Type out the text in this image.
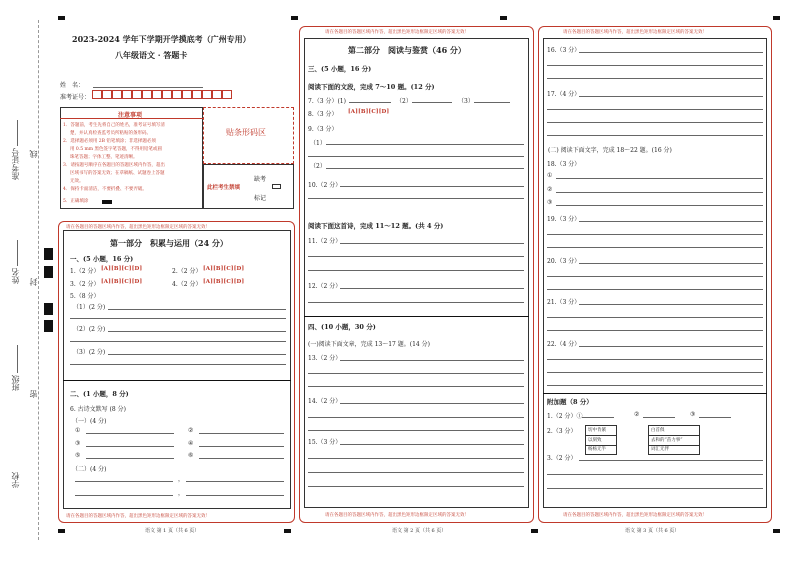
准考证号 线
姓名 封
班级
密
学校
2023-2024 学年下学期开学摸底考（广州专用）
八年级语文 · 答题卡
姓　名：
准考证号：
注意事项
1．答题前，考生先将自己的姓名，准考证号填写清
楚，并认真检查监考员所粘贴的条形码。
2．选择题必须用 2B 铅笔填涂；非选择题必须
用 0.5 mm 黑色签字笔答题，不得用铅笔或圆
珠笔答题；字体工整、笔迹清晰。
3．请按题号顺序在各题目的答题区域内作答，超出
区域书写的答案无效；在草稿纸、试题卷上答题
无效。
4．保持卡面清洁，不要折叠、不要弄破。
5．正确填涂
贴条形码区
此栏考生禁填
缺考
标记
请在各题目的答题区域内作答，超出黑色矩形边框限定区域的答案无效！
请在各题目的答题区域内作答，超出黑色矩形边框限定区域的答案无效！
第一部分　积累与运用（24 分）
一、(5 小题，16 分)
1.（2 分） [A][B][C][D]	2.（2 分） [A][B][C][D]
3.（2 分） [A][B][C][D]	4.（2 分） [A][B][C][D]
5.（8 分）
（1）(2 分)
（2）(2 分)
（3）(2 分)
二、(1 小题，8 分)
6. 古诗文默写 (8 分)
（一）(4 分)
①	②
③	④
⑤	⑥
（二）(4 分)
，
，
语文 第 1 页（共 6 页）
请在各题目的答题区域内作答，超出黑色矩形边框限定区域的答案无效！
请在各题目的答题区域内作答，超出黑色矩形边框限定区域的答案无效！
第二部分　阅读与鉴赏（46 分）
三、(5 小题，16 分)
阅读下面的文段，完成 7～10 题。(12 分)
7.（3 分）(1)	（2）	（3）
8.（3 分） [A][B][C][D]
9.（3 分）
（1）
（2）
10.（2 分）
阅读下面这首诗，完成 11～12 题。(共 4 分)
11.（2 分）
12.（2 分）
四、(10 小题，30 分)
(一)阅读下面文章，完成 13～17 题。(14 分)
13.（2 分）
14.（2 分）
15.（3 分）
语文 第 2 页（共 6 页）
请在各题目的答题区域内作答，超出黑色矩形边框限定区域的答案无效！
请在各题目的答题区域内作答，超出黑色矩形边框限定区域的答案无效！
16.（3 分）
17.（4 分）
(二) 阅读下面文字，完成 18～22 题。(16 分)
18.（3 分）
①
②
③
19.（3 分）
20.（3 分）
21.（3 分）
22.（4 分）
附加题（8 分）
1.（2 分）①	②	③
2.（3 分）	切中肯綮
以刻致
杨杨无半
白首俱
去和的“苗力事”
词汇无伴
3.（2 分）
语文 第 3 页（共 6 页）
